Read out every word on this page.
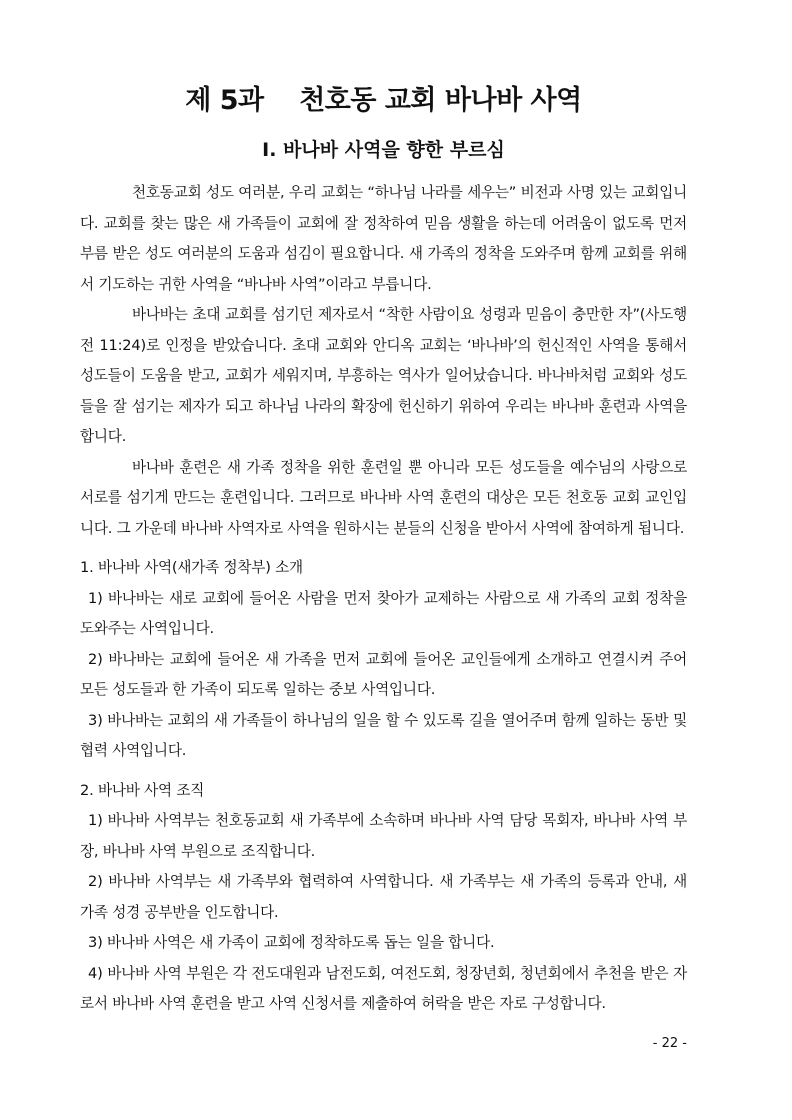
제 5과    천호동 교회 바나바 사역
I. 바나바 사역을 향한 부르심

천호동교회 성도 여러분, 우리 교회는 “하나님 나라를 세우는” 비전과 사명 있는 교회입니다. 교회를 찾는 많은 새 가족들이 교회에 잘 정착하여 믿음 생활을 하는데 어려움이 없도록 먼저 부름 받은 성도 여러분의 도움과 섬김이 필요합니다. 새 가족의 정착을 도와주며 함께 교회를 위해서 기도하는 귀한 사역을 “바나바 사역”이라고 부릅니다.

바나바는 초대 교회를 섬기던 제자로서 “착한 사람이요 성령과 믿음이 충만한 자”(사도행전 11:24)로 인정을 받았습니다. 초대 교회와 안디옥 교회는 ‘바나바’의 헌신적인 사역을 통해서 성도들이 도움을 받고, 교회가 세워지며, 부흥하는 역사가 일어났습니다. 바나바처럼 교회와 성도들을 잘 섬기는 제자가 되고 하나님 나라의 확장에 헌신하기 위하여 우리는 바나바 훈련과 사역을 합니다.

바나바 훈련은 새 가족 정착을 위한 훈련일 뿐 아니라 모든 성도들을 예수님의 사랑으로 서로를 섬기게 만드는 훈련입니다. 그러므로 바나바 사역 훈련의 대상은 모든 천호동 교회 교인입니다. 그 가운데 바나바 사역자로 사역을 원하시는 분들의 신청을 받아서 사역에 참여하게 됩니다.

1. 바나바 사역(새가족 정착부) 소개

1) 바나바는 새로 교회에 들어온 사람을 먼저 찾아가 교제하는 사람으로 새 가족의 교회 정착을 도와주는 사역입니다.

2) 바나바는 교회에 들어온 새 가족을 먼저 교회에 들어온 교인들에게 소개하고 연결시켜 주어 모든 성도들과 한 가족이 되도록 일하는 중보 사역입니다.

3) 바나바는 교회의 새 가족들이 하나님의 일을 할 수 있도록 길을 열어주며 함께 일하는 동반 및 협력 사역입니다.

2. 바나바 사역 조직

1) 바나바 사역부는 천호동교회 새 가족부에 소속하며 바나바 사역 담당 목회자, 바나바 사역 부장, 바나바 사역 부원으로 조직합니다.

2) 바나바 사역부는 새 가족부와 협력하여 사역합니다. 새 가족부는 새 가족의 등록과 안내, 새 가족 성경 공부반을 인도합니다.

3) 바나바 사역은 새 가족이 교회에 정착하도록 돕는 일을 합니다.

4) 바나바 사역 부원은 각 전도대원과 남전도회, 여전도회, 청장년회, 청년회에서 추천을 받은 자로서 바나바 사역 훈련을 받고 사역 신청서를 제출하여 허락을 받은 자로 구성합니다.

- 22 -
